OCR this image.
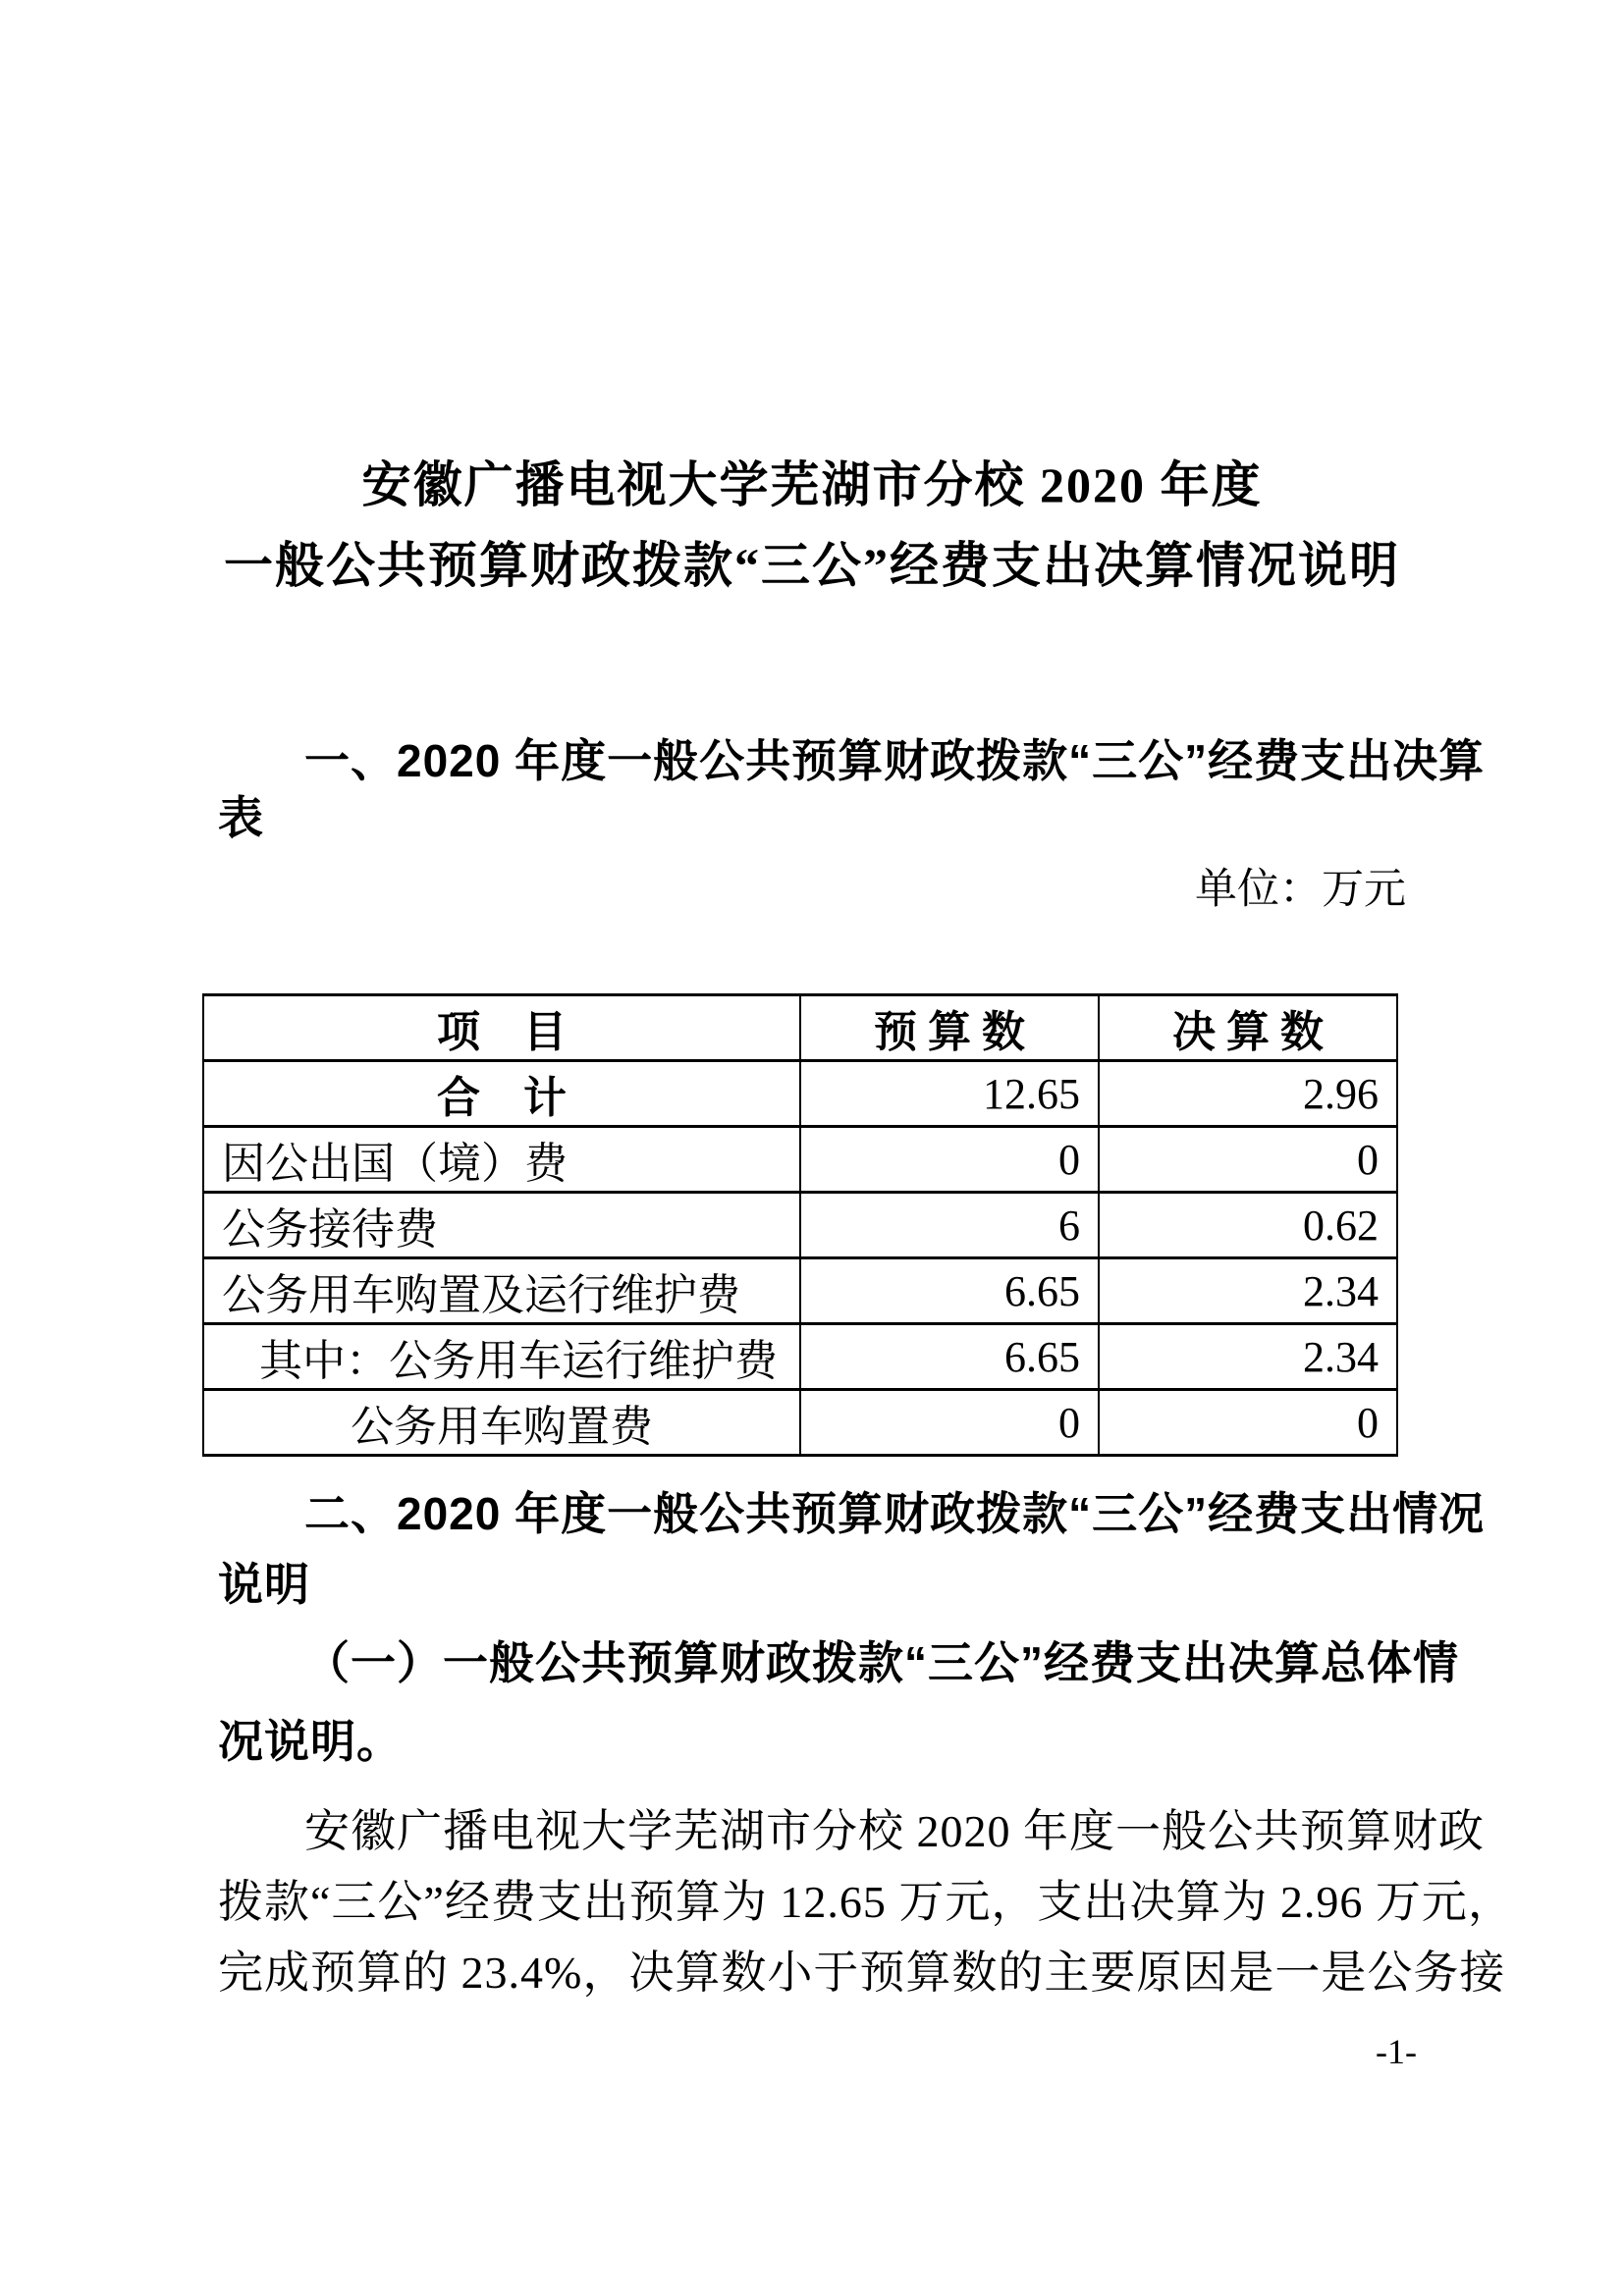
安徽广播电视大学芜湖市分校 2020 年度
一般公共预算财政拨款“三公”经费支出决算情况说明
一、2020 年度一般公共预算财政拨款“三公”经费支出决算
表
单位：万元
项　目	预 算 数	决 算 数
合　计	12.65	2.96
因公出国（境）费	0	0
公务接待费	6	0.62
公务用车购置及运行维护费	6.65	2.34
其中：公务用车运行维护费	6.65	2.34
公务用车购置费	0	0
二、2020 年度一般公共预算财政拨款“三公”经费支出情况
说明
（一）一般公共预算财政拨款“三公”经费支出决算总体情
况说明。
安徽广播电视大学芜湖市分校 2020 年度一般公共预算财政
拨款“三公”经费支出预算为 12.65 万元，支出决算为 2.96 万元，
完成预算的 23.4%，决算数小于预算数的主要原因是一是公务接
-1-
